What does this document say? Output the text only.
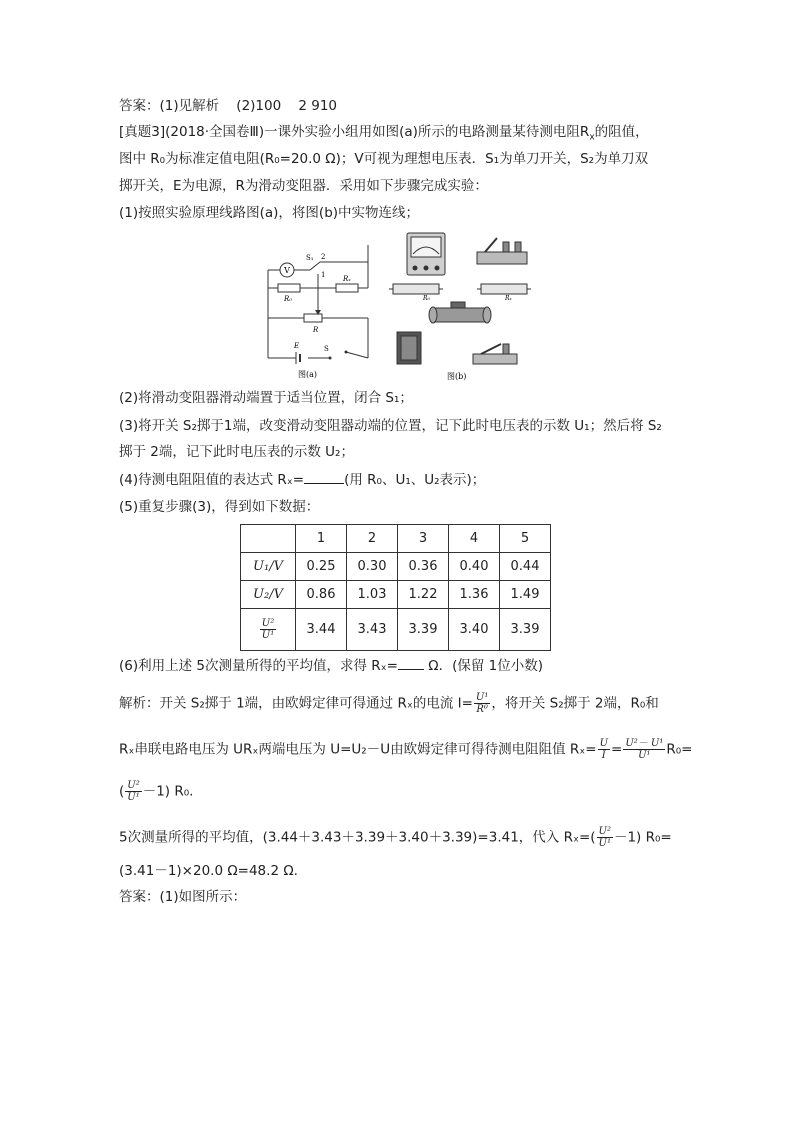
答案：(1)见解析 (2)100 2 910
[真题3](2018·全国卷Ⅲ)一课外实验小组用如图(a)所示的电路测量某待测电阻$R_x$的阻值，
图中 R₀为标准定值电阻(R₀=20.0 Ω)；V可视为理想电压表．S₁为单刀开关，S₂为单刀双
掷开关，E为电源，R为滑动变阻器．采用如下步骤完成实验：
(1)按照实验原理线路图(a)，将图(b)中实物连线；
V
S₁ 2
1
R₀
Rₓ
R
E	S
图(a)
R₀	Rₓ
图(b)
(2)将滑动变阻器滑动端置于适当位置，闭合 S₁；
(3)将开关 S₂掷于1端，改变滑动变阻器动端的位置，记下此时电压表的示数 U₁；然后将 S₂
掷于 2端，记下此时电压表的示数 U₂；
(4)待测电阻阻值的表达式 Rₓ=	(用 R₀、U₁、U₂表示)；
(5)重复步骤(3)，得到如下数据：
	1	2	3	4	5
U₁/V	0.25	0.30	0.36	0.40	0.44
U₂/V	0.86	1.03	1.22	1.36	1.49

$\frac{\text{U²}}{\text{U¹}}$	3.44	3.43	3.39	3.40	3.39
(6)利用上述 5次测量所得的平均值，求得 Rₓ= Ω．(保留 1位小数)
解析：开关 S₂掷于 1端，由欧姆定律可得通过 Rₓ的电流 $I= \frac{\text{U¹}}{\text{R⁰}}$ ，将开关 S₂掷于 2端，R₀和
Rₓ串联电路电压为 URₓ两端电压为 U=U₂－U由欧姆定律可得待测电阻阻值 $R_x= \frac{U}{I} = \frac{\text{U²－ U¹}}{\text{U¹}} R_0=$
( $\frac{\text{U²}}{\text{U¹}} -1$) R₀.
5次测量所得的平均值，(3.44＋3.43＋3.39＋3.40＋3.39)=3.41，代入 $R_x=( \frac{\text{U²}}{\text{U¹}} -1)$ R₀=
(3.41－1)×20.0 Ω=48.2 Ω.
答案：(1)如图所示：
